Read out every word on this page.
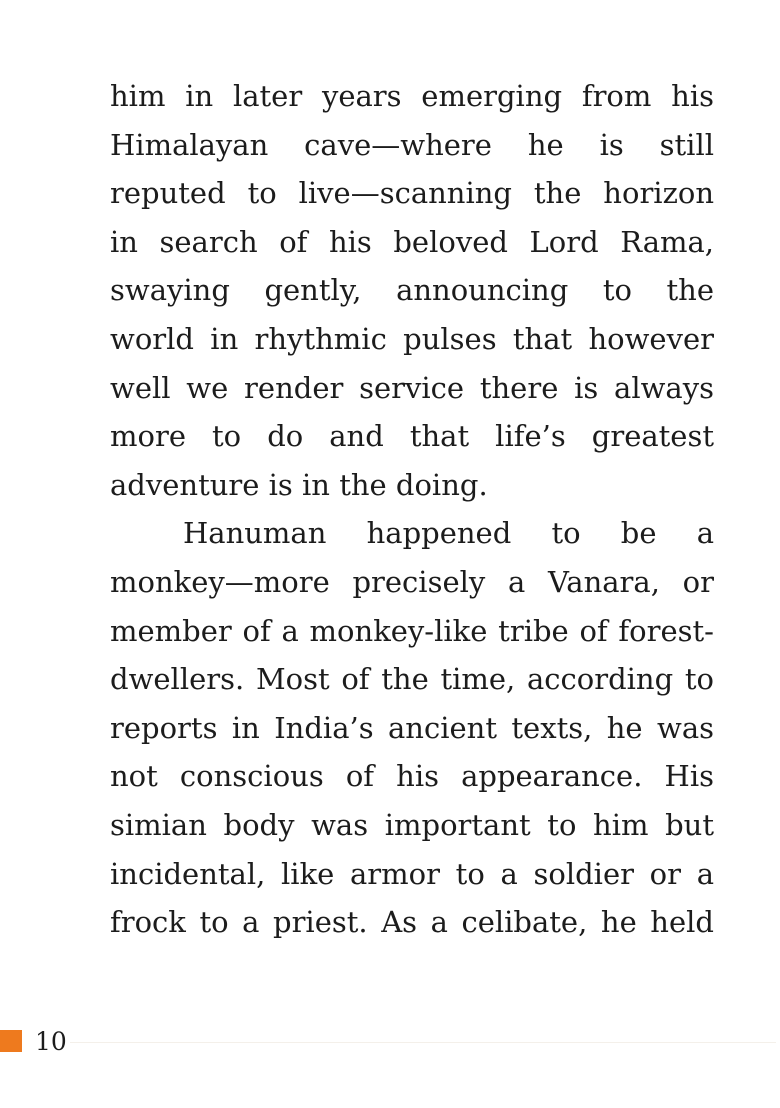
him in later years emerging from his
Himalayan cave—where he is still
reputed to live—scanning the horizon
in search of his beloved Lord Rama,
swaying gently, announcing to the
world in rhythmic pulses that however
well we render service there is always
more to do and that life’s greatest
adventure is in the doing.
Hanuman happened to be a
monkey—more precisely a Vanara, or
member of a monkey-like tribe of forest-
dwellers. Most of the time, according to
reports in India’s ancient texts, he was
not conscious of his appearance. His
simian body was important to him but
incidental, like armor to a soldier or a
frock to a priest. As a celibate, he held
10
